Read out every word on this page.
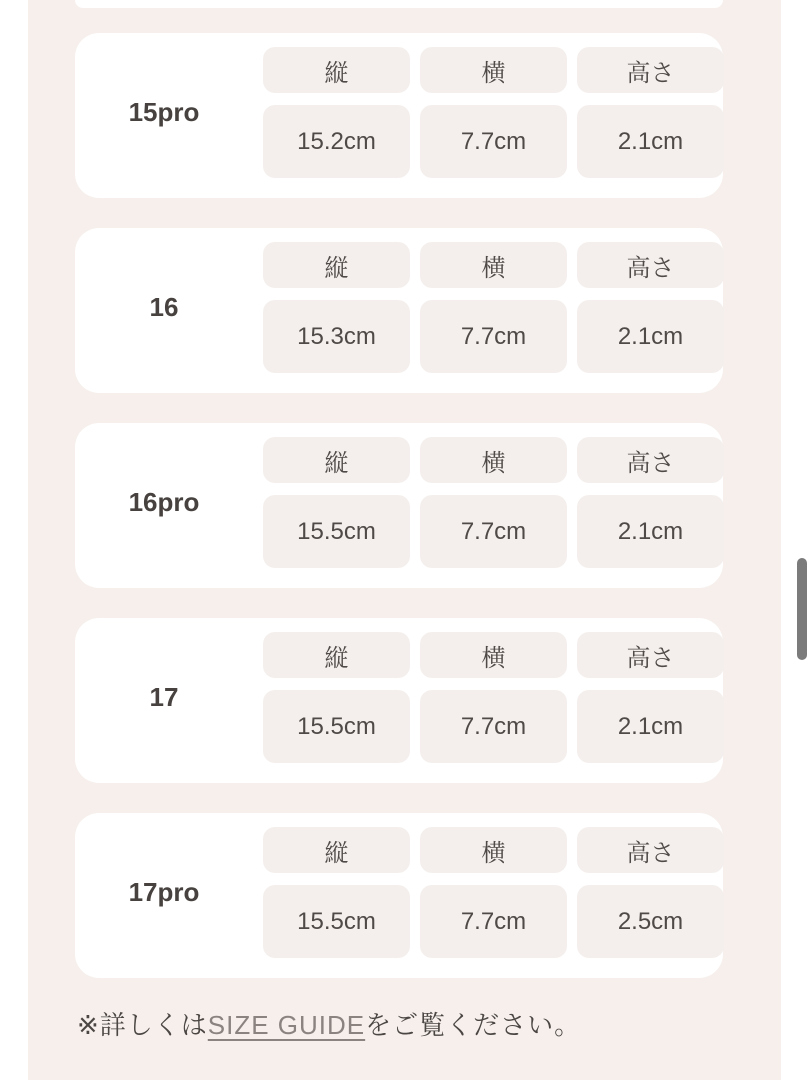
15pro
縦	横	高さ
15.2cm	7.7cm	2.1cm
16
縦	横	高さ
15.3cm	7.7cm	2.1cm
16pro
縦	横	高さ
15.5cm	7.7cm	2.1cm
17
縦	横	高さ
15.5cm	7.7cm	2.1cm
17pro
縦	横	高さ
15.5cm	7.7cm	2.5cm
※詳しくはSIZE GUIDEをご覧ください。
